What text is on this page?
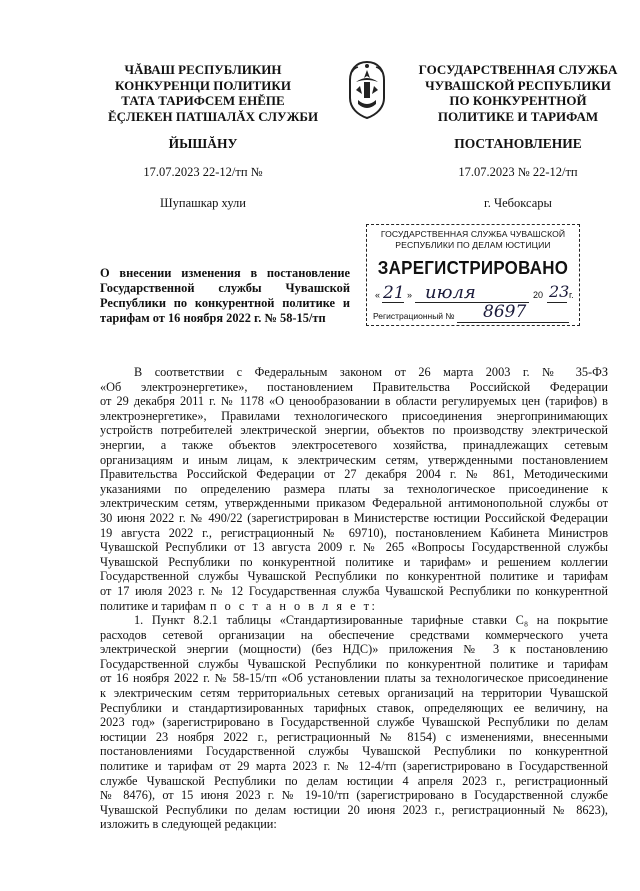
ЧĂВАШ РЕСПУБЛИКИН
КОНКУРЕНЦИ ПОЛИТИКИ
ТАТА ТАРИФСЕМ ЕНĔПЕ
ĔÇЛЕКЕН ПАТШАЛĂХ СЛУЖБИ
ГОСУДАРСТВЕННАЯ СЛУЖБА
ЧУВАШСКОЙ РЕСПУБЛИКИ
ПО КОНКУРЕНТНОЙ
ПОЛИТИКЕ И ТАРИФАМ
ЙЫШĂНУ	ПОСТАНОВЛЕНИЕ
17.07.2023 22-12/тп №	17.07.2023 № 22-12/тп
Шупашкар хули	г. Чебоксары
ГОСУДАРСТВЕННАЯ СЛУЖБА ЧУВАШСКОЙ
РЕСПУБЛИКИ ПО ДЕЛАМ ЮСТИЦИИ
ЗАРЕГИСТРИРОВАНО
« 21 » июля	20 23 г.
Регистрационный № 8697
О внесении изменения в постановление
Государственной службы Чувашской
Республики по конкурентной политике и
тарифам от 16 ноября 2022 г. № 58-15/тп
В соответствии с Федеральным законом от 26 марта 2003 г. № 35-ФЗ
«Об электроэнергетике», постановлением Правительства Российской Федерации
от 29 декабря 2011 г. № 1178 «О ценообразовании в области регулируемых цен (тарифов) в
электроэнергетике», Правилами технологического присоединения энергопринимающих
устройств потребителей электрической энергии, объектов по производству электрической
энергии, а также объектов электросетевого хозяйства, принадлежащих сетевым
организациям и иным лицам, к электрическим сетям, утвержденными постановлением
Правительства Российской Федерации от 27 декабря 2004 г. № 861, Методическими
указаниями по определению размера платы за технологическое присоединение к
электрическим сетям, утвержденными приказом Федеральной антимонопольной службы от
30 июня 2022 г. № 490/22 (зарегистрирован в Министерстве юстиции Российской Федерации
19 августа 2022 г., регистрационный № 69710), постановлением Кабинета Министров
Чувашской Республики от 13 августа 2009 г. № 265 «Вопросы Государственной службы
Чувашской Республики по конкурентной политике и тарифам» и решением коллегии
Государственной службы Чувашской Республики по конкурентной политике и тарифам
от 17 июля 2023 г. № 12 Государственная служба Чувашской Республики по конкурентной
политике и тарифам п о с т а н о в л я е т:
1. Пункт 8.2.1 таблицы «Стандартизированные тарифные ставки С₈ на покрытие
расходов сетевой организации на обеспечение средствами коммерческого учета
электрической энергии (мощности) (без НДС)» приложения № 3 к постановлению
Государственной службы Чувашской Республики по конкурентной политике и тарифам
от 16 ноября 2022 г. № 58-15/тп «Об установлении платы за технологическое присоединение
к электрическим сетям территориальных сетевых организаций на территории Чувашской
Республики и стандартизированных тарифных ставок, определяющих ее величину, на
2023 год» (зарегистрировано в Государственной службе Чувашской Республики по делам
юстиции 23 ноября 2022 г., регистрационный № 8154) с изменениями, внесенными
постановлениями Государственной службы Чувашской Республики по конкурентной
политике и тарифам от 29 марта 2023 г. № 12-4/тп (зарегистрировано в Государственной
службе Чувашской Республики по делам юстиции 4 апреля 2023 г., регистрационный
№ 8476), от 15 июня 2023 г. № 19-10/тп (зарегистрировано в Государственной службе
Чувашской Республики по делам юстиции 20 июня 2023 г., регистрационный № 8623),
изложить в следующей редакции:
